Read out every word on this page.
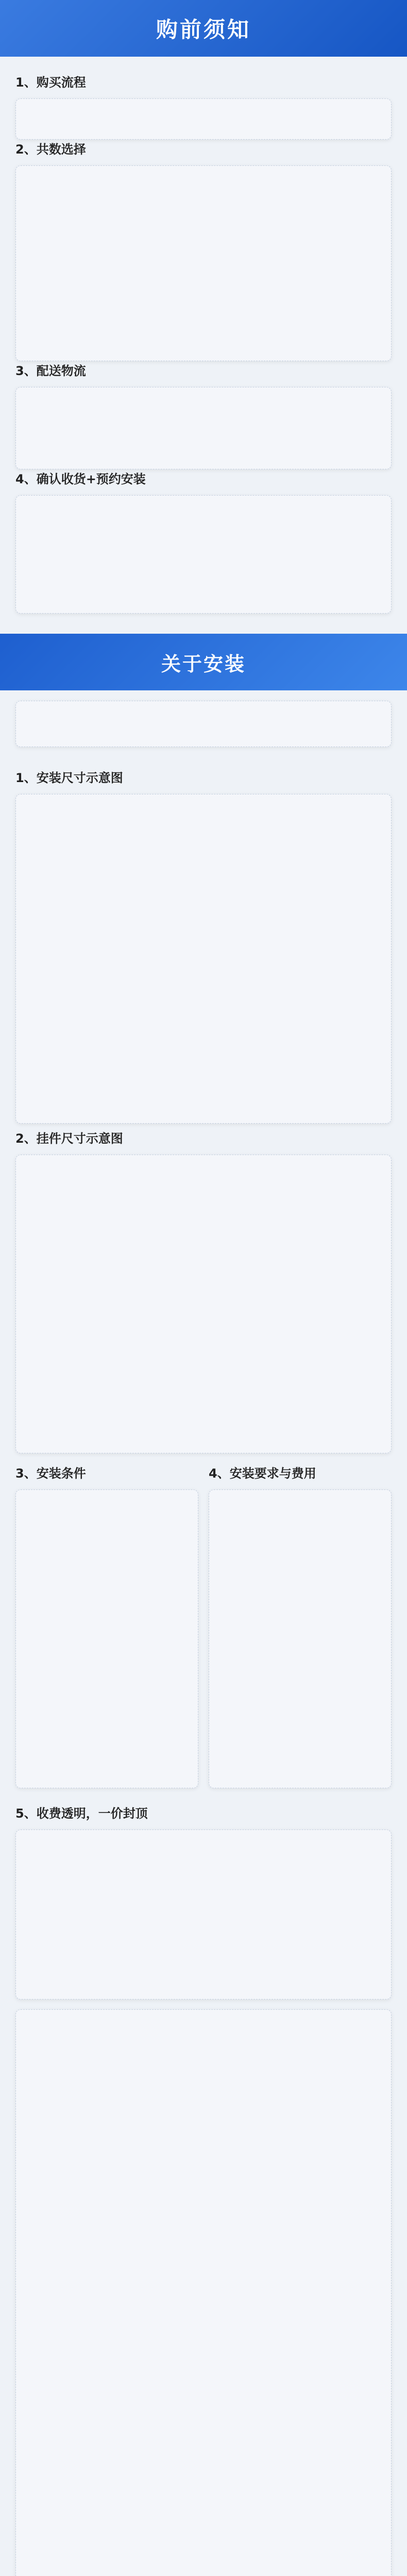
购前须知
1、购买流程
2、共数选择
3、配送物流
4、确认收货+预约安装
关于安装
1、安装尺寸示意图
2、挂件尺寸示意图
3、安装条件	4、安装要求与费用
5、收费透明，一价封顶
